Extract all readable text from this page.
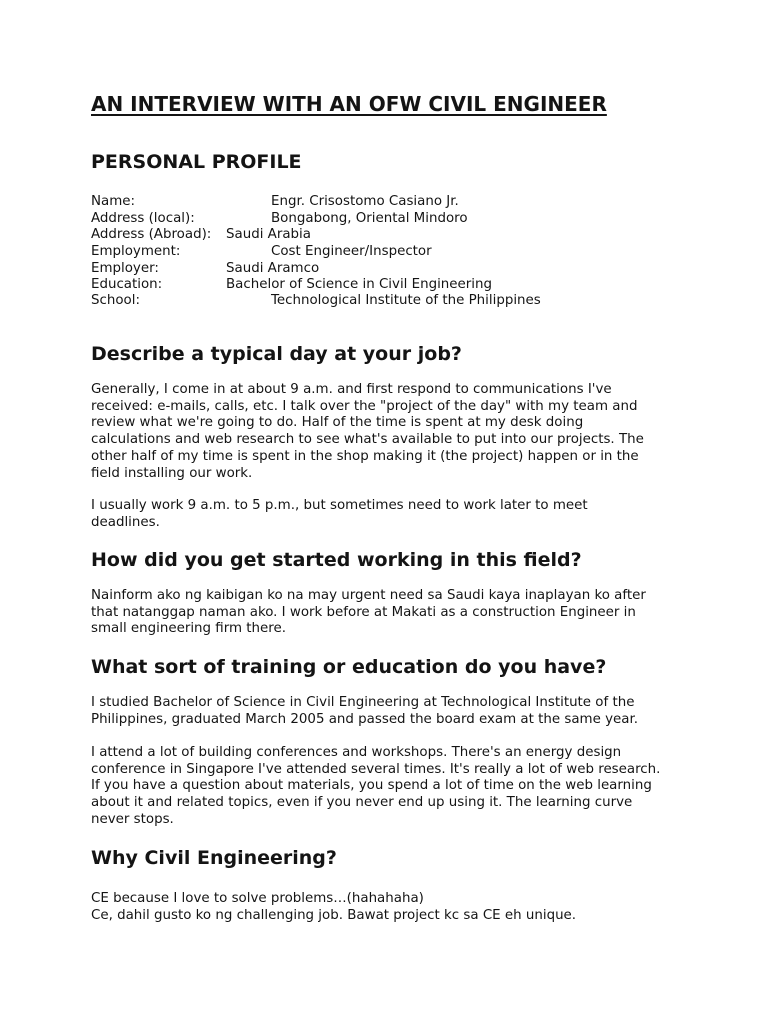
AN INTERVIEW WITH AN OFW CIVIL ENGINEER
PERSONAL PROFILE
Name:	Engr. Crisostomo Casiano Jr.
Address (local):	Bongabong, Oriental Mindoro
Address (Abroad): Saudi Arabia
Employment:	Cost Engineer/Inspector
Employer:	Saudi Aramco
Education:	Bachelor of Science in Civil Engineering
School:	Technological Institute of the Philippines
Describe a typical day at your job?
Generally, I come in at about 9 a.m. and first respond to communications I've
received: e-mails, calls, etc. I talk over the "project of the day" with my team and
review what we're going to do. Half of the time is spent at my desk doing
calculations and web research to see what's available to put into our projects. The
other half of my time is spent in the shop making it (the project) happen or in the
field installing our work.
I usually work 9 a.m. to 5 p.m., but sometimes need to work later to meet
deadlines.
How did you get started working in this field?
Nainform ako ng kaibigan ko na may urgent need sa Saudi kaya inaplayan ko after
that natanggap naman ako. I work before at Makati as a construction Engineer in
small engineering firm there.
What sort of training or education do you have?
I studied Bachelor of Science in Civil Engineering at Technological Institute of the
Philippines, graduated March 2005 and passed the board exam at the same year.
I attend a lot of building conferences and workshops. There's an energy design
conference in Singapore I've attended several times. It's really a lot of web research.
If you have a question about materials, you spend a lot of time on the web learning
about it and related topics, even if you never end up using it. The learning curve
never stops.
Why Civil Engineering?
CE because I love to solve problems…(hahahaha)
Ce, dahil gusto ko ng challenging job. Bawat project kc sa CE eh unique.
